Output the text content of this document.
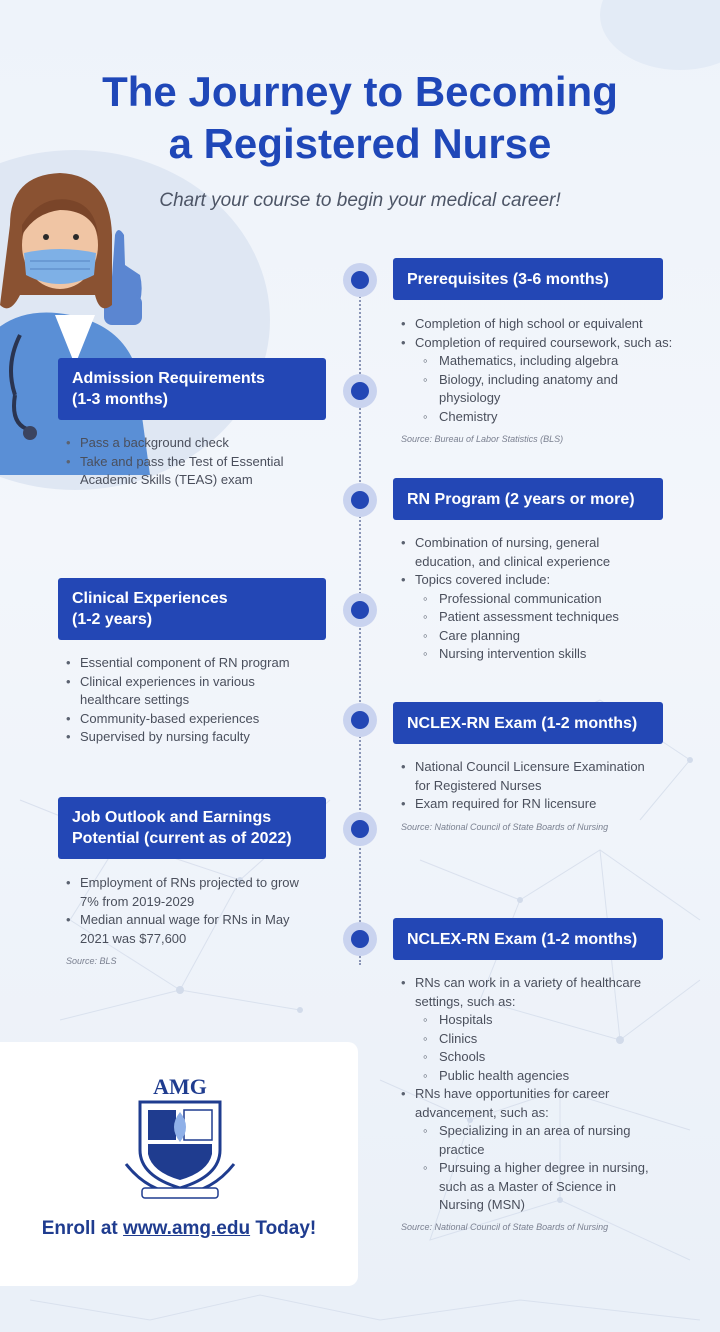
The Journey to Becoming
a Registered Nurse
Chart your course to begin your medical career!
Prerequisites (3-6 months)
• Completion of high school or equivalent
• Completion of required coursework, such as:
◦ Mathematics, including algebra
◦ Biology, including anatomy and
physiology
◦ Chemistry
Source: Bureau of Labor Statistics (BLS)
Admission Requirements
(1-3 months)
• Pass a background check
• Take and pass the Test of Essential
Academic Skills (TEAS) exam
RN Program (2 years or more)
• Combination of nursing, general
education, and clinical experience
• Topics covered include:
◦ Professional communication
◦ Patient assessment techniques
◦ Care planning
◦ Nursing intervention skills
Clinical Experiences
(1-2 years)
• Essential component of RN program
• Clinical experiences in various
healthcare settings
• Community-based experiences
• Supervised by nursing faculty
NCLEX-RN Exam (1-2 months)
• National Council Licensure Examination
for Registered Nurses
• Exam required for RN licensure
Source: National Council of State Boards of Nursing
Job Outlook and Earnings
Potential (current as of 2022)
• Employment of RNs projected to grow
7% from 2019-2029
• Median annual wage for RNs in May
2021 was $77,600
Source: BLS
NCLEX-RN Exam (1-2 months)
• RNs can work in a variety of healthcare
settings, such as:
◦ Hospitals
◦ Clinics
◦ Schools
◦ Public health agencies
• RNs have opportunities for career
advancement, such as:
◦ Specializing in an area of nursing
practice
◦ Pursuing a higher degree in nursing,
such as a Master of Science in
Nursing (MSN)
Source: National Council of State Boards of Nursing
AMG
Enroll at www.amg.edu Today!
